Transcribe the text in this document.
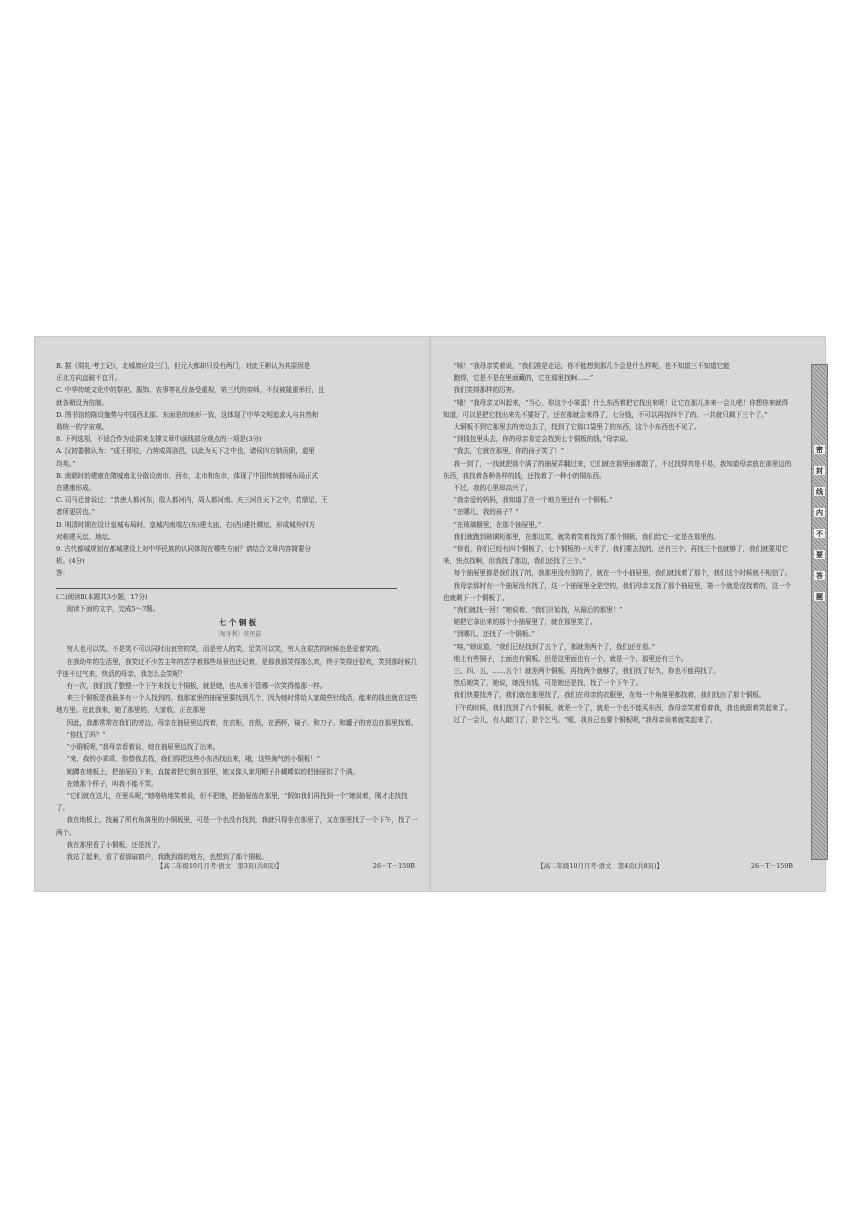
B. 据《周礼·考工记》，北城墙应设三门，但元大都却只设有两门，对此王彬认为其原因是

正北方向直破不宜开。

C. 中华传统文化中的祭祀、服饰、农事等礼仪备受重视，第三代的帝师，不仅被隆重举行，且

就各朝设为仿制。

D. 图书馆的陈设施势与中国西北部、东面是的地形一致，这体现了中华文明追求人与自然和

谐统一的宇宙观。

8. 下列选项，不适合作为论据来支撑文章中画线部分观点的一项是(3分)

A. 汉初娄敬认为：“成王即位，乃营成周洛邑，以此为天下之中也，诸侯四方纳贡职，道里

均矣。”

B. 南朝时的建康在隋城南北分散设南市、西市，北市和东市，体现了中国传统都城布局正式

在建康形成。

C. 司马迁曾说过：“昔唐人都河东，殷人都河内，周人都河南。夫三河在天下之中，若鼎足，王

者所更居也。”

D. 明清时期在设计皇城布局时，皇城内南端左(东)建太庙，右(西)建社稷坛，形成城外四方

对称建天坛、地坛。

9. 古代都城规划在都城建设上对中华民族的认同体现在哪些方面？请结合文章内容简要分

析。(4分)

答：

(二)阅读Ⅱ(本题共3小题，17分)

阅读下面的文字，完成5～7题。

七 个 铜 板
〔匈牙利〕莫里兹

穷人也可以笑。不是笑不可以同时出哀穷的笑，而是穷人的笑，足笑可以笑，穷人在艰苦的时候也是爱着笑的。

在我幼年的生活里，我笑过不少苦主年的苦学着那些场景也还记着，是那我那笑得那么欢，终于笑得还很欢，笑到那时候几乎连不过气来，快活的母亲，我怎么会笑呢？

有一次，我们找了整整一个下午来找七个铜板，就是她，也从来不管哪一次笑得像那一样。

来三个铜板是我最多有一个人找到的。他那家里的抽屉里要找到几个，因为她时常给人家做些针线活，能来的钱也就在这些地方里。在此我来，她了那里的，大家收，正在那里

因此，我都常常在我们的旁边，母亲在抽屉里边找着，在衣柜，在纸，在酒杯，镜子、和刀子、和罐子的旁边在那里找着。

“你找了吗？”

“小铜板呢，”我母亲看着说，她在抽屉里边找了出来。

“来，我的小乖乖，你替我去找，我们得把这些小东西找出来，哦，这些淘气的小铜板！”

她蹲在地板上，把抽屉拉下来，直接着把它倒在那里，她又像人家用帽子扑蝴蝶似的把抽屉扣了个满。

在她那个样子，叫我不能不笑。

“它们就在这儿，在里头呢，”她咯咯地笑着说，但不把她，把抽屉放在那里，“假如我们再找到一个”她说着，刚才走找找了。

我在地板上，找遍了所有角落里的小铜板里，可是一个也没有找到，我就只得坐在那里了，又在那里找了一个下午，找了一两个。

我在那里看了小铜板，还是找了。

我站了起来，看了看那扇窗户，我跑到那的地方，也想到了那个铜板。

【高二年级10月月考·语文　第3页(共8页)】	26－T－159B

“咳！”我母亲笑着说，“我们准是走运，你不能想到那几个会是什么样呢，也不知道三不知道它能

跑得，它是不是在里面藏的，它在那里找啊……”

我们笑得那样的厉害。

“哦！”我母亲又叫起来，“当心，你这个小笨蛋！什么东西着把它找出来呢！让它在那儿多来一会儿吧！你想你来就得知道，可以是把它找出来先不要好了，还在那就会来得了，七分钱，不可以再找四个了的。一共就只剩下三个了。”

大铜板不到它那里去的旁边去了，找到了它那口袋里了的东西，这个小东西也不见了。

“到钱包里头去，你的母亲肯定会找到七个铜板的钱，”母亲说。

“我去，它就在那里，你的孩子笑了！”

我一到了，一找就把那个满了的抽屉弄翻过来，它们就在那里面都散了，不过找得真是不易，我知道母亲放在那里边的东西，我找着各种各样的钱，还找着了一种小的铜东西。

不过，我的心里却高兴了。

“我亲爱的妈妈，我知道了在一个地方里还有一个铜板。”

“在哪儿，我的孩子？”

“在玻璃橱里，在那个抽屉里。”

我们就跑到玻璃柜那里，在那边笑，就笑着笑着找到了那个铜板，我们给它一定是在那里的。

“你看，你们已经有四个铜板了，七个铜板的一大半了，我们要去找的，还有三个，再找三个也就够了，我们就要用它来，快点找啊，但我找了那边，我们还找了三个。”

每个抽屉里都是我们找了的，我那里没有别的了，就在一个小抽屉里，我们就找着了那个，我们这个时候就不相信了。

我母亲那时有一个抽屉没有找了，这一个抽屉里全是空的，我们母亲又找了那个抽屉里，第一个就是没找着的，这一个也就剩下一个铜板了。

“我们就找一回！”她说着，“我们开始找，从最后的那里！”

她把它拿出来的那个小抽屉里了，就在那里笑了。

“到哪儿，还找了一个铜板。”

“唉，”她说道，“我们已经找到了五个了，那就差两个了，我们还在看。”

地上有些铜子，上面也有铜板。但是这里面也有一个，就是一个，那里还有三个。

三、四、五，……五个！就差两个铜板，再找两个就够了，我们找了好久，你也不能再找了。

然后她笑了，她说，她没有钱，可是她还是找，找了一个下午了。

我们快要找齐了，我们就在那里找了，我们在母亲的衣服里，在每一个角落里都找着，我们找出了那个铜板。

下午的时候，我们找到了六个铜板，就差一个了，就差一个也不能买东西，我母亲笑着看着我，我也就跟着笑起来了。

过了一会儿，有人敲门了，是个乞丐。“嗳，我自己也要个铜板呢，”我母亲说着就笑起来了。

【高二年级10月月考·语文　第4页(共8页)】	26－T－159B
密
封
线
内
不
要
答
题
